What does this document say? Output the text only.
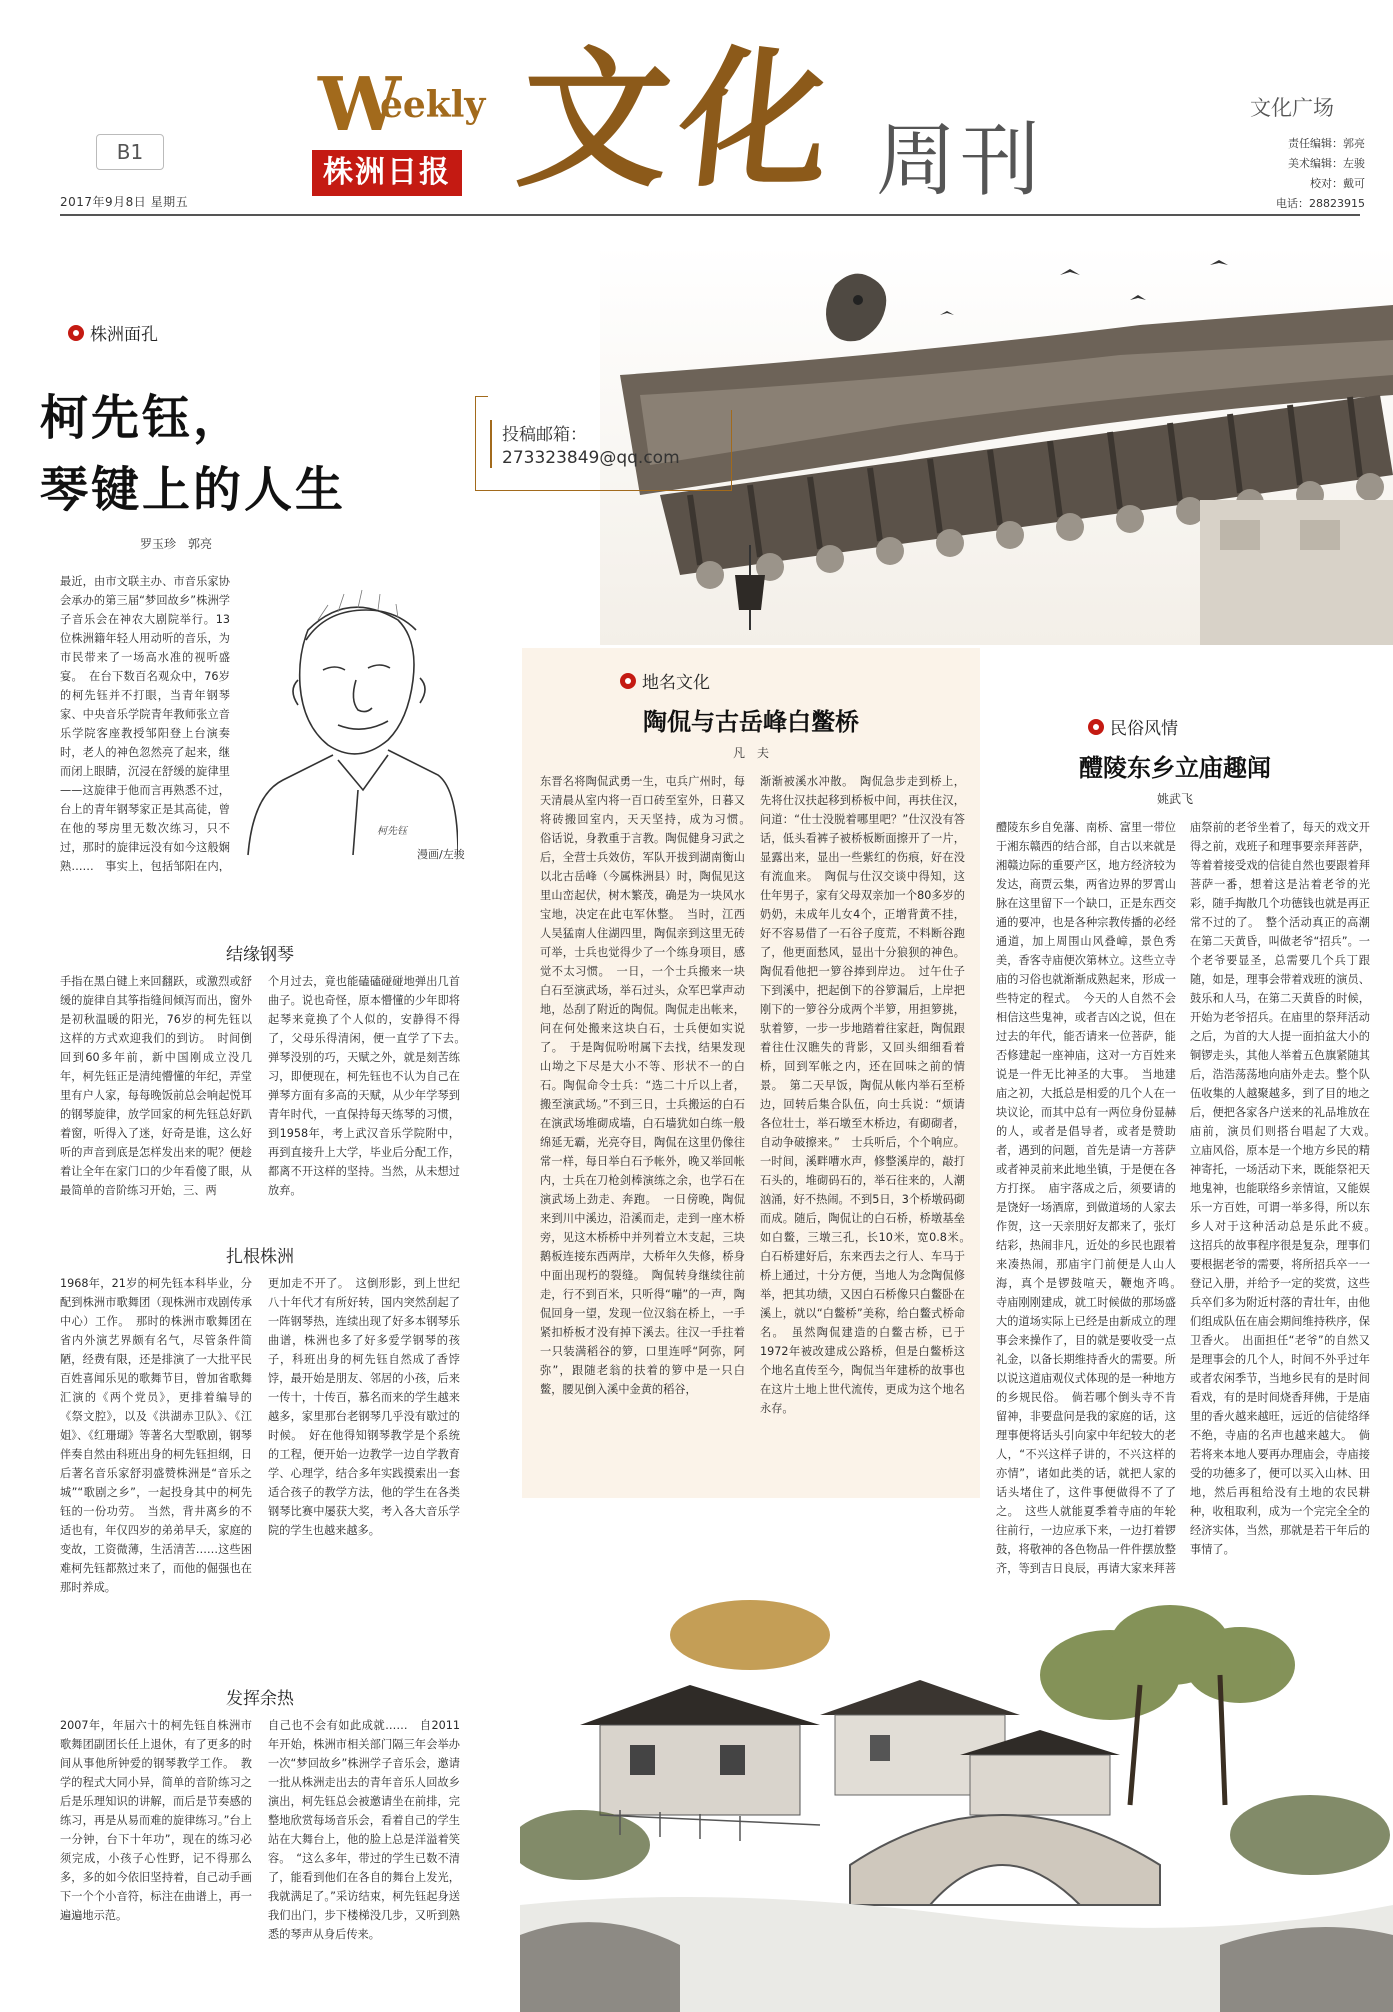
B1
2017年9月8日 星期五
W
eekly
株洲日报 文化 周刊
文化广场
责任编辑：郭亮
美术编辑：左骏
校对：戴可
电话：28823915
投稿邮箱：
273323849@qq.com
株洲面孔
柯先钰，
琴键上的人生
罗玉珍　郭亮
最近，由市文联主办、市音乐家协会承办的第三届“梦回故乡”株洲学子音乐会在神农大剧院举行。13位株洲籍年轻人用动听的音乐，为市民带来了一场高水准的视听盛宴。　在台下数百名观众中，76岁的柯先钰并不打眼，当青年钢琴家、中央音乐学院青年教师张立音乐学院客座教授邹阳登上台演奏时，老人的神色忽然亮了起来，继而闭上眼睛，沉浸在舒缓的旋律里——这旋律于他而言再熟悉不过，台上的青年钢琴家正是其高徒，曾在他的琴房里无数次练习，只不过，那时的旋律远没有如今这般娴熟……　事实上，包括邹阳在内，
柯先钰
漫画/左骏
结缘钢琴
手指在黑白键上来回翻跃，或激烈或舒缓的旋律自其筝指缝间倾泻而出，窗外是初秋温暖的阳光，76岁的柯先钰以这样的方式欢迎我们的到访。　时间倒回到60多年前，新中国刚成立没几年，柯先钰正是清纯懵懂的年纪，弄堂里有户人家，每每晚饭前总会响起悦耳的钢琴旋律，放学回家的柯先钰总好趴着窗，听得入了迷，好奇是谁，这么好听的声音到底是怎样发出来的呢？便趁着让全年在家门口的少年看傻了眼，从最简单的音阶练习开始，三、两
个月过去，竟也能磕磕碰碰地弹出几首曲子。说也奇怪，原本懵懂的少年即将起琴来竟换了个人似的，安静得不得了，父母乐得清闲，便一直学了下去。　弹琴没别的巧，天赋之外，就是刻苦练习，即便现在，柯先钰也不认为自己在弹琴方面有多高的天赋，从少年学琴到青年时代，一直保持每天练琴的习惯，到1958年，考上武汉音乐学院附中，再到直接升上大学，毕业后分配工作，都离不开这样的坚持。当然，从未想过放弃。
扎根株洲
1968年，21岁的柯先钰本科毕业，分配到株洲市歌舞团（现株洲市戏剧传承中心）工作。　那时的株洲市歌舞团在省内外演艺界颇有名气，尽管条件简陋，经费有限，还是排演了一大批平民百姓喜闻乐见的歌舞节目，曾加省歌舞汇演的《两个党员》，更排着编导的《祭文腔》，以及《洪湖赤卫队》、《江姐》、《红珊瑚》等著名大型歌剧，钢琴伴奏自然由科班出身的柯先钰担纲，日后著名音乐家舒羽盛赞株洲是“音乐之城”“歌剧之乡”，一起投身其中的柯先钰的一份功劳。　当然，背井离乡的不适也有，年仅四岁的弟弟早夭，家庭的变故，工资微薄，生活清苦……这些困难柯先钰都熬过来了，而他的倔强也在那时养成。
更加走不开了。　这倒形影，到上世纪八十年代才有所好转，国内突然刮起了一阵钢琴热，连续出现了好多本钢琴乐曲谱，株洲也多了好多爱学钢琴的孩子，科班出身的柯先钰自然成了香饽饽，最开始是朋友、邻居的小孩，后来一传十，十传百，慕名而来的学生越来越多，家里那台老钢琴几乎没有歇过的时候。　好在他得知钢琴教学是个系统的工程，便开始一边教学一边自学教育学、心理学，结合多年实践摸索出一套适合孩子的教学方法，他的学生在各类钢琴比赛中屡获大奖，考入各大音乐学院的学生也越来越多。
发挥余热
2007年，年届六十的柯先钰自株洲市歌舞团副团长任上退休，有了更多的时间从事他所钟爱的钢琴教学工作。　教学的程式大同小异，简单的音阶练习之后是乐理知识的讲解，而后是节奏感的练习，再是从易而难的旋律练习。”台上一分钟，台下十年功”，现在的练习必须完成，小孩子心性野，记不得那么多，多的如今依旧坚持着，自己动手画下一个个小音符，标注在曲谱上，再一遍遍地示范。
自己也不会有如此成就……　自2011年开始，株洲市相关部门隔三年会举办一次“梦回故乡”株洲学子音乐会，邀请一批从株洲走出去的青年音乐人回故乡演出，柯先钰总会被邀请坐在前排，完整地欣赏每场音乐会，看着自己的学生站在大舞台上，他的脸上总是洋溢着笑容。　“这么多年，带过的学生已数不清了，能看到他们在各自的舞台上发光，我就满足了。”采访结束，柯先钰起身送我们出门，步下楼梯没几步，又听到熟悉的琴声从身后传来。
地名文化
陶侃与古岳峰白鳖桥
凡　夫
东晋名将陶侃武勇一生，屯兵广州时，每天清晨从室内将一百口砖至室外，日暮又将砖搬回室内，天天坚持，成为习惯。　俗话说，身教重于言教。陶侃健身习武之后，全营士兵效仿，军队开拔到湖南衡山以北古岳峰（今属株洲县）时，陶侃见这里山峦起伏，树木繁茂，确是为一块风水宝地，决定在此屯军休整。　当时，江西人吴猛南人住湖四里，陶侃亲到这里无砖可举，士兵也觉得少了一个练身项目，感觉不太习惯。　一日，一个士兵搬来一块白石至演武场，举石过头，众军巴掌声动地，怂刮了附近的陶侃。陶侃走出帐来，问在何处搬来这块白石，士兵便如实说了。　于是陶侃吩咐属下去找，结果发现山坳之下尽是大小不等、形状不一的白石。陶侃命令士兵：“选二十斤以上者，搬至演武场。”不到三日，士兵搬运的白石在演武场堆砌成墙，白石墙犹如白练一般绵延无霸，光亮夺目，陶侃在这里仍像往常一样，每日举白石予帐外，晚又举回帐内，士兵在刀枪剑棒演练之余，也学石在演武场上劲走、奔跑。　一日傍晚，陶侃来到川中溪边，沿溪而走，走到一座木桥旁，见这木桥桥中并列着立木支起，三块鹅板连接东西两岸，大桥年久失修，桥身中面出现朽的裂缝。　陶侃转身继续往前走，行不到百米，只听得“嘣”的一声，陶侃回身一望，发现一位汉翁在桥上，一手紧扣桥板才没有掉下溪去。往汉一手拄着一只装满稻谷的箩，口里连呼“阿弥，阿弥”，跟随老翁的扶着的箩中是一只白鳖，腰见倒入溪中金黄的稻谷，
渐渐被溪水冲散。　陶侃急步走到桥上，先将仕汉扶起移到桥板中间，再扶住汉，问道：“仕士没脱着哪里吧？”仕汉没有答话，低头看裤子被桥板断面擦开了一片，显露出来，显出一些紫红的伤痕，好在没有流血来。　陶侃与仕汉交谈中得知，这仕年男子，家有父母双亲加一个80多岁的奶奶，未成年儿女4个，正增背黄不挂，好不容易借了一石谷子度荒，不料断谷跑了，他更面愁风，显出十分狼狈的神色。陶侃看他把一箩谷捧到岸边。　过午仕子下到溪中，把起倒下的谷箩漏后，上岸把刚下的一箩谷分成两个半箩，用担箩挑，驮着箩，一步一步地踏着往家赶，陶侃跟着往仕汉瞧失的背影，又回头细细看着桥，回到军帐之内，还在回味之前的情景。　第二天早饭，陶侃从帐内举石至桥边，回转后集合队伍，向士兵说：“烦请各位壮士，举石墩至木桥边，有砌砌者，自动争破擦来。”　士兵听后，个个响应。一时间，溪畔嘈水声，修整溪岸的，敲打石头的，堆砌码石的，举石往来的，人潮汹涌，好不热闹。不到5日，3个桥墩码砌而成。随后，陶侃让的白石桥，桥墩基垒如白鳖，三墩三孔，长10米，宽0.8米。　白石桥建好后，东来西去之行人、车马于桥上通过，十分方便，当地人为念陶侃修举，把其功绩，又因白石桥像只白鳖卧在溪上，就以“白鳖桥”美称，给白鳖式桥命名。　虽然陶侃建造的白鳖古桥，已于1972年被改建成公路桥，但是白鳖桥这个地名直传至今，陶侃当年建桥的故事也在这片土地上世代流传，更成为这个地名永存。
民俗风情
醴陵东乡立庙趣闻
姚武飞
醴陵东乡自免藩、南桥、富里一带位于湘东赣西的结合部，自古以来就是湘赣边际的重要产区，地方经济较为发达，商贾云集，两省边界的罗霄山脉在这里留下一个缺口，正是东西交通的要冲，也是各种宗教传播的必经通道，加上周围山风叠嶂，景色秀美，香客寺庙便次第林立。这些立寺庙的习俗也就渐渐成熟起来，形成一些特定的程式。　今天的人自然不会相信这些鬼神，或者吉凶之说，但在过去的年代，能否请来一位菩萨，能否修建起一座神庙，这对一方百姓来说是一件无比神圣的大事。　当地建庙之初，大抵总是相爱的几个人在一块议论，而其中总有一两位身份显赫的人，或者是倡导者，或者是赞助者，遇到的问题，首先是请一方菩萨或者神灵前来此地坐镇，于是便在各方打探。　庙宇落成之后，须要请的是饶好一场酒席，到做道场的人家去作贺，这一天亲朋好友都来了，张灯结彩，热闹非凡，近处的乡民也跟着来凑热闹，那庙宇门前便是人山人海，真个是锣鼓喧天，鞭炮齐鸣。　寺庙刚刚建成，就工时候做的那场盛大的道场实际上已经是由新成立的理事会来操作了，目的就是要收受一点礼金，以备长期维持香火的需要。所以说这道庙观仪式体现的是一种地方的乡规民俗。　倘若哪个倒头寺不肯留神，非要盘问是我的家庭的话，这理事便将话头引向家中年纪较大的老人，“不兴这样子讲的，不兴这样的亦情”，诸如此类的话，就把人家的话头堵住了，这件事便做得不了了之。　这些人就能夏季着寺庙的年轮往前行，一边应承下来，一边打着锣鼓，将敬神的各色物品一件件摆放整齐，等到吉日良辰，再请大家来拜菩　
庙祭前的老爷坐着了，每天的戏文开得之前，戏班子和理事要亲拜菩萨，等着着接受戏的信徒自然也要跟着拜菩萨一番，想着这是沾着老爷的光彩，随手掏散几个功德钱也就是再正常不过的了。　整个活动真正的高潮在第二天黄昏，叫做老爷“招兵”。一个老爷要显圣，总需要几个兵丁跟随，如是，理事会带着戏班的演员、鼓乐和人马，在第二天黄昏的时候，开始为老爷招兵。在庙里的祭拜活动之后，为首的大人提一面拍盆大小的铜锣走头，其他人举着五色旗紧随其后，浩浩荡荡地向庙外走去。整个队伍收集的人越聚越多，到了目的地之后，便把各家各户送来的礼品堆放在庙前，演员们则搭台唱起了大戏。　立庙风俗，原本是一个地方乡民的精神寄托，一场活动下来，既能祭祀天地鬼神，也能联络乡亲情谊，又能娱乐一方百姓，可谓一举多得，所以东乡人对于这种活动总是乐此不疲。　这招兵的故事程序很是复杂，理事们要根据老爷的需要，将所招兵卒一一登记入册，并给予一定的奖赏，这些兵卒们多为附近村落的青壮年，由他们组成队伍在庙会期间维持秩序，保卫香火。　出面担任“老爷”的自然又是理事会的几个人，时间不外乎过年或者农闲季节，当地乡民有的是时间看戏，有的是时间烧香拜佛，于是庙里的香火越来越旺，远近的信徒络绎不绝，寺庙的名声也越来越大。　倘若将来本地人要再办理庙会，寺庙接受的功德多了，便可以买入山林、田地，然后再租给没有土地的农民耕种，收租取利，成为一个完完全全的经济实体，当然，那就是若干年后的事情了。
